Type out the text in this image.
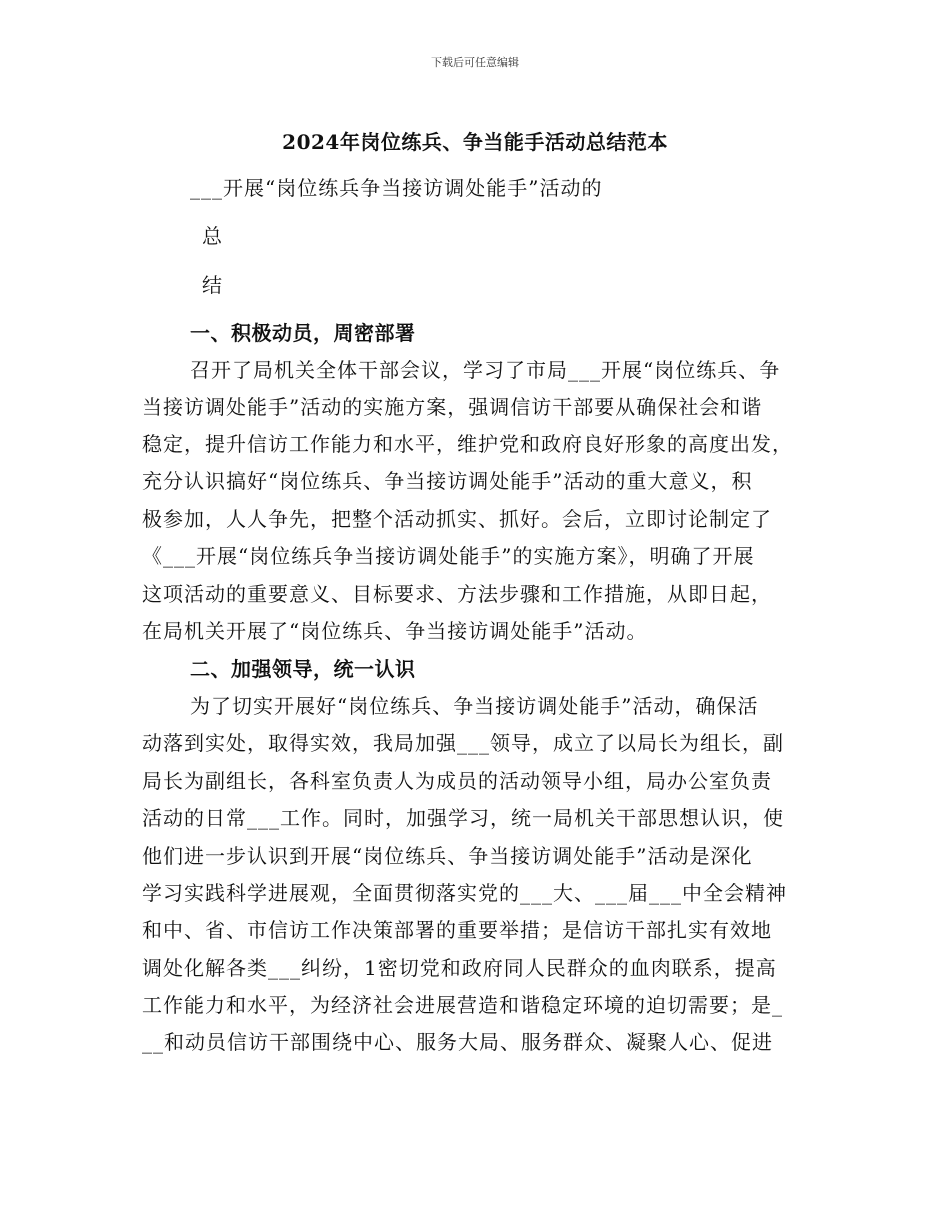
下载后可任意编辑
2024年岗位练兵、争当能手活动总结范本
___开展“岗位练兵争当接访调处能手”活动的
总
结
一、积极动员，周密部署
召开了局机关全体干部会议，学习了市局___开展“岗位练兵、争
当接访调处能手”活动的实施方案，强调信访干部要从确保社会和谐
稳定，提升信访工作能力和水平，维护党和政府良好形象的高度出发，
充分认识搞好“岗位练兵、争当接访调处能手”活动的重大意义，积
极参加，人人争先，把整个活动抓实、抓好。会后，立即讨论制定了
《___开展“岗位练兵争当接访调处能手”的实施方案》，明确了开展
这项活动的重要意义、目标要求、方法步骤和工作措施，从即日起，
在局机关开展了“岗位练兵、争当接访调处能手”活动。
二、加强领导，统一认识
为了切实开展好“岗位练兵、争当接访调处能手”活动，确保活
动落到实处，取得实效，我局加强___领导，成立了以局长为组长，副
局长为副组长，各科室负责人为成员的活动领导小组，局办公室负责
活动的日常___工作。同时，加强学习，统一局机关干部思想认识，使
他们进一步认识到开展“岗位练兵、争当接访调处能手”活动是深化
学习实践科学进展观，全面贯彻落实党的___大、___届___中全会精神
和中、省、市信访工作决策部署的重要举措；是信访干部扎实有效地
调处化解各类___纠纷，1密切党和政府同人民群众的血肉联系，提高
工作能力和水平，为经济社会进展营造和谐稳定环境的迫切需要；是_
__和动员信访干部围绕中心、服务大局、服务群众、凝聚人心、促进
